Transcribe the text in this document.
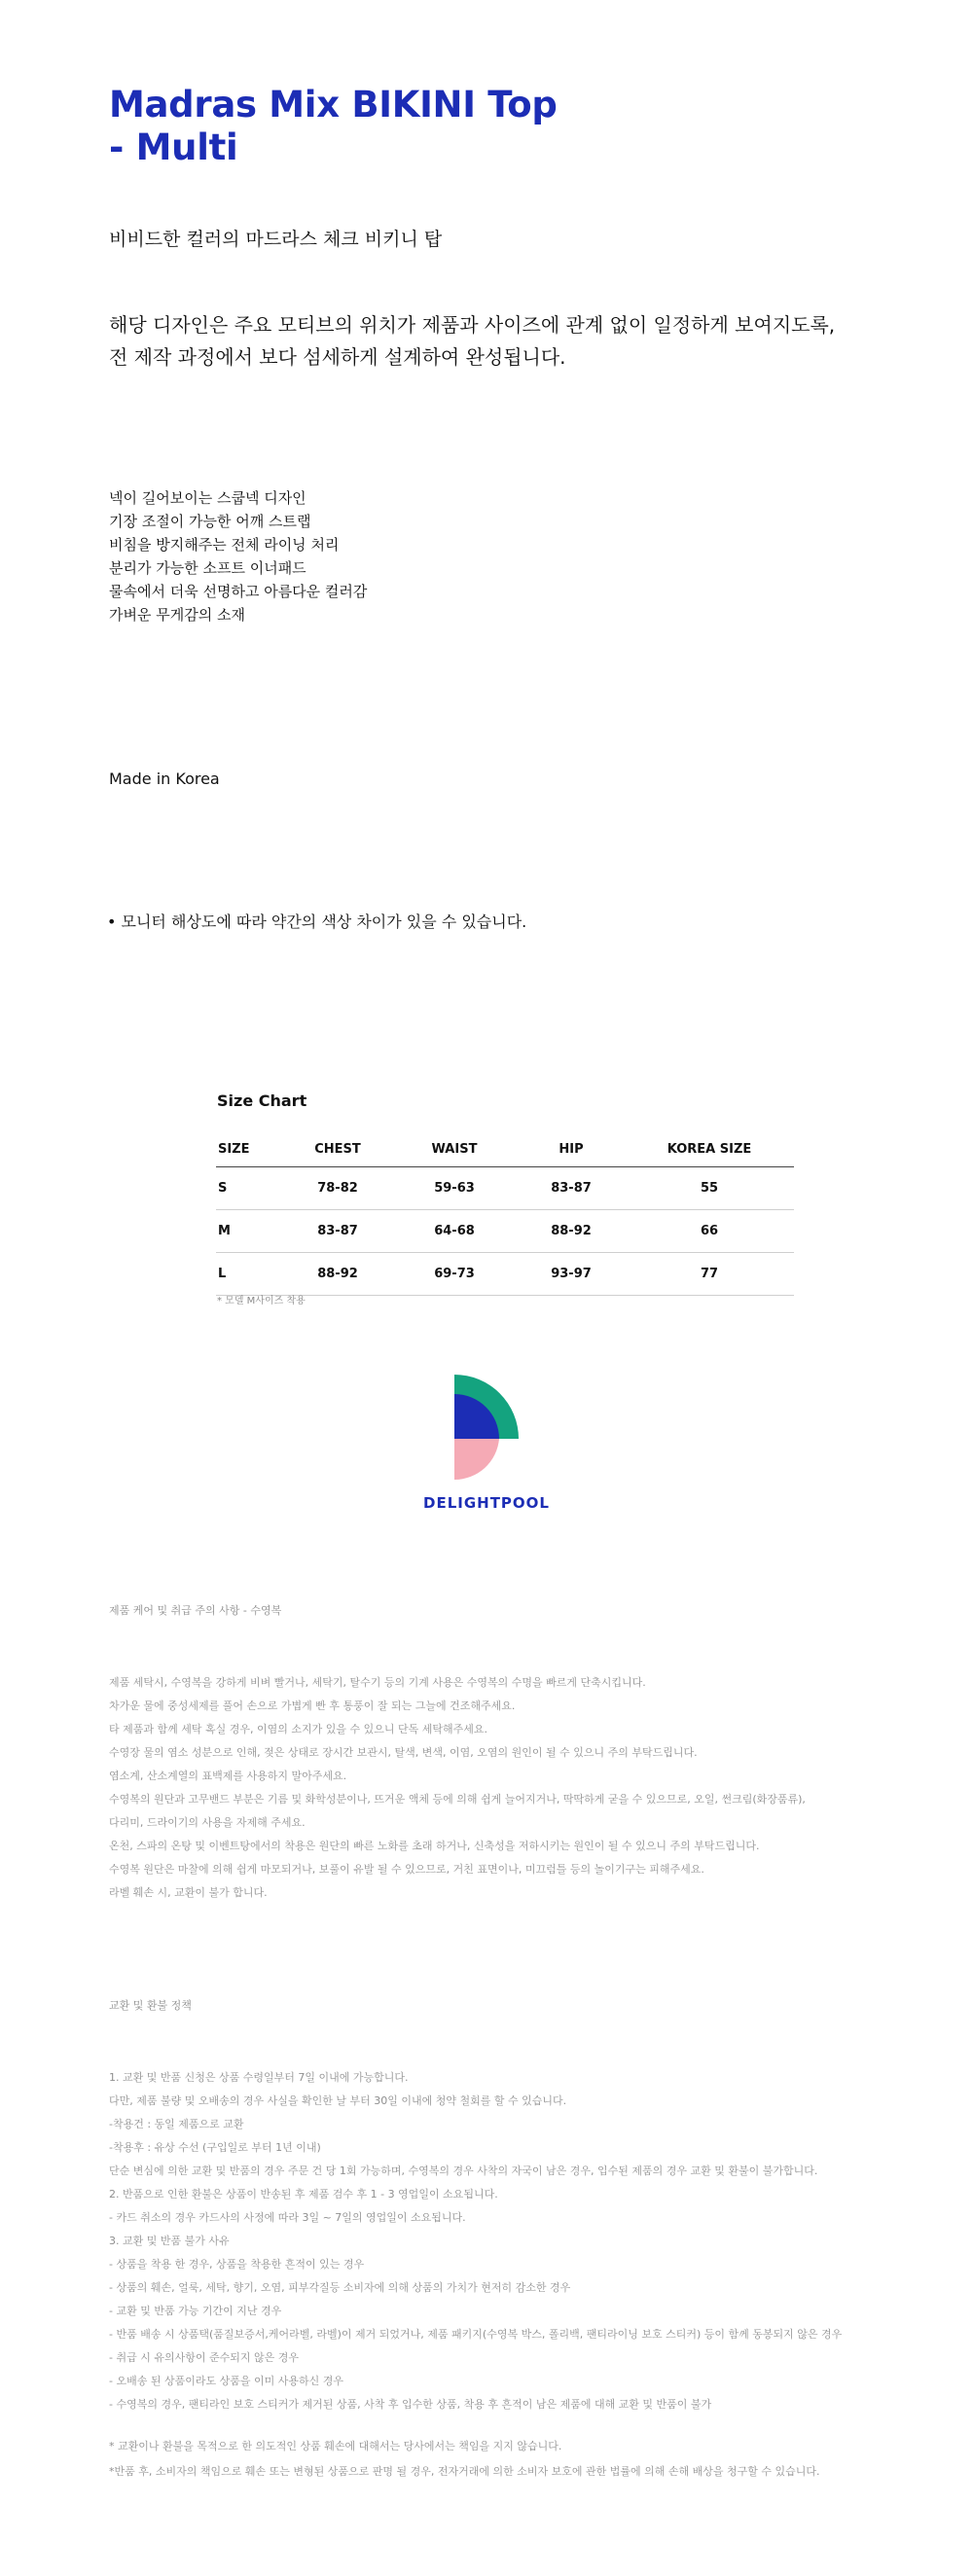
Madras Mix BIKINI Top
- Multi
비비드한 컬러의 마드라스 체크 비키니 탑
해당 디자인은 주요 모티브의 위치가 제품과 사이즈에 관계 없이 일정하게 보여지도록,
전 제작 과정에서 보다 섬세하게 설계하여 완성됩니다.
넥이 길어보이는 스쿱넥 디자인
기장 조절이 가능한 어깨 스트랩
비침을 방지해주는 전체 라이닝 처리
분리가 가능한 소프트 이너패드
물속에서 더욱 선명하고 아름다운 컬러감
가벼운 무게감의 소재
Made in Korea
• 모니터 해상도에 따라 약간의 색상 차이가 있을 수 있습니다.
Size Chart
SIZE	CHEST	WAIST	HIP	KOREA SIZE
S	78-82	59-63	83-87	55
M	83-87	64-68	88-92	66
L	88-92	69-73	93-97	77
* 모델 M사이즈 착용
DELIGHTPOOL
제품 케어 및 취급 주의 사항 - 수영복
제품 세탁시, 수영복을 강하게 비벼 빨거나, 세탁기, 탈수기 등의 기계 사용은 수영복의 수명을 빠르게 단축시킵니다.
차가운 물에 중성세제를 풀어 손으로 가볍게 빤 후 통풍이 잘 되는 그늘에 건조해주세요.
타 제품과 함께 세탁 혹실 경우, 이염의 소지가 있을 수 있으니 단독 세탁해주세요.
수영장 물의 염소 성분으로 인해, 젖은 상태로 장시간 보관시, 탈색, 변색, 이염, 오염의 원인이 될 수 있으니 주의 부탁드립니다.
염소계, 산소계열의 표백제를 사용하지 말아주세요.
수영복의 원단과 고무밴드 부분은 기름 및 화학성분이나, 뜨거운 액체 등에 의해 쉽게 늘어지거나, 딱딱하게 굳을 수 있으므로, 오일, 썬크림(화장품류),
다리미, 드라이기의 사용을 자제해 주세요.
온천, 스파의 온탕 및 이벤트탕에서의 착용은 원단의 빠른 노화를 초래 하거나, 신축성을 저하시키는 원인이 될 수 있으니 주의 부탁드립니다.
수영복 원단은 마찰에 의해 쉽게 마모되거나, 보풀이 유발 될 수 있으므로, 거친 표면이나, 미끄럼틀 등의 놀이기구는 피해주세요.
라벨 훼손 시, 교환이 불가 합니다.
교환 및 환불 정책
1. 교환 및 반품 신청은 상품 수령일부터 7일 이내에 가능합니다.
다만, 제품 불량 및 오배송의 경우 사실을 확인한 날 부터 30일 이내에 청약 철회를 할 수 있습니다.
-착용건 : 동일 제품으로 교환
-착용후 : 유상 수선 (구입일로 부터 1년 이내)
단순 변심에 의한 교환 및 반품의 경우 주문 건 당 1회 가능하며, 수영복의 경우 사착의 자국이 남은 경우, 입수된 제품의 경우 교환 및 환불이 불가합니다.
2. 반품으로 인한 환불은 상품이 반송된 후 제품 검수 후 1 - 3 영업일이 소요됩니다.
- 카드 취소의 경우 카드사의 사정에 따라 3일 ~ 7일의 영업일이 소요됩니다.
3. 교환 및 반품 불가 사유
- 상품을 착용 한 경우, 상품을 착용한 흔적이 있는 경우
- 상품의 훼손, 얼룩, 세탁, 향기, 오염, 피부각질등 소비자에 의해 상품의 가치가 현저히 감소한 경우
- 교환 및 반품 가능 기간이 지난 경우
- 반품 배송 시 상품택(품질보증서,케어라벨, 라벨)이 제거 되었거나, 제품 패키지(수영복 박스, 폴리백, 팬티라이닝 보호 스티커) 등이 함께 동봉되지 않은 경우
- 취급 시 유의사항이 준수되지 않은 경우
- 오배송 된 상품이라도 상품을 이미 사용하신 경우
- 수영복의 경우, 팬티라인 보호 스티커가 제거된 상품, 사착 후 입수한 상품, 착용 후 흔적이 남은 제품에 대해 교환 및 반품이 불가
* 교환이나 환불을 목적으로 한 의도적인 상품 훼손에 대해서는 당사에서는 책임을 지지 않습니다.
*반품 후, 소비자의 책임으로 훼손 또는 변형된 상품으로 판명 될 경우, 전자거래에 의한 소비자 보호에 관한 법률에 의해 손해 배상을 청구할 수 있습니다.
